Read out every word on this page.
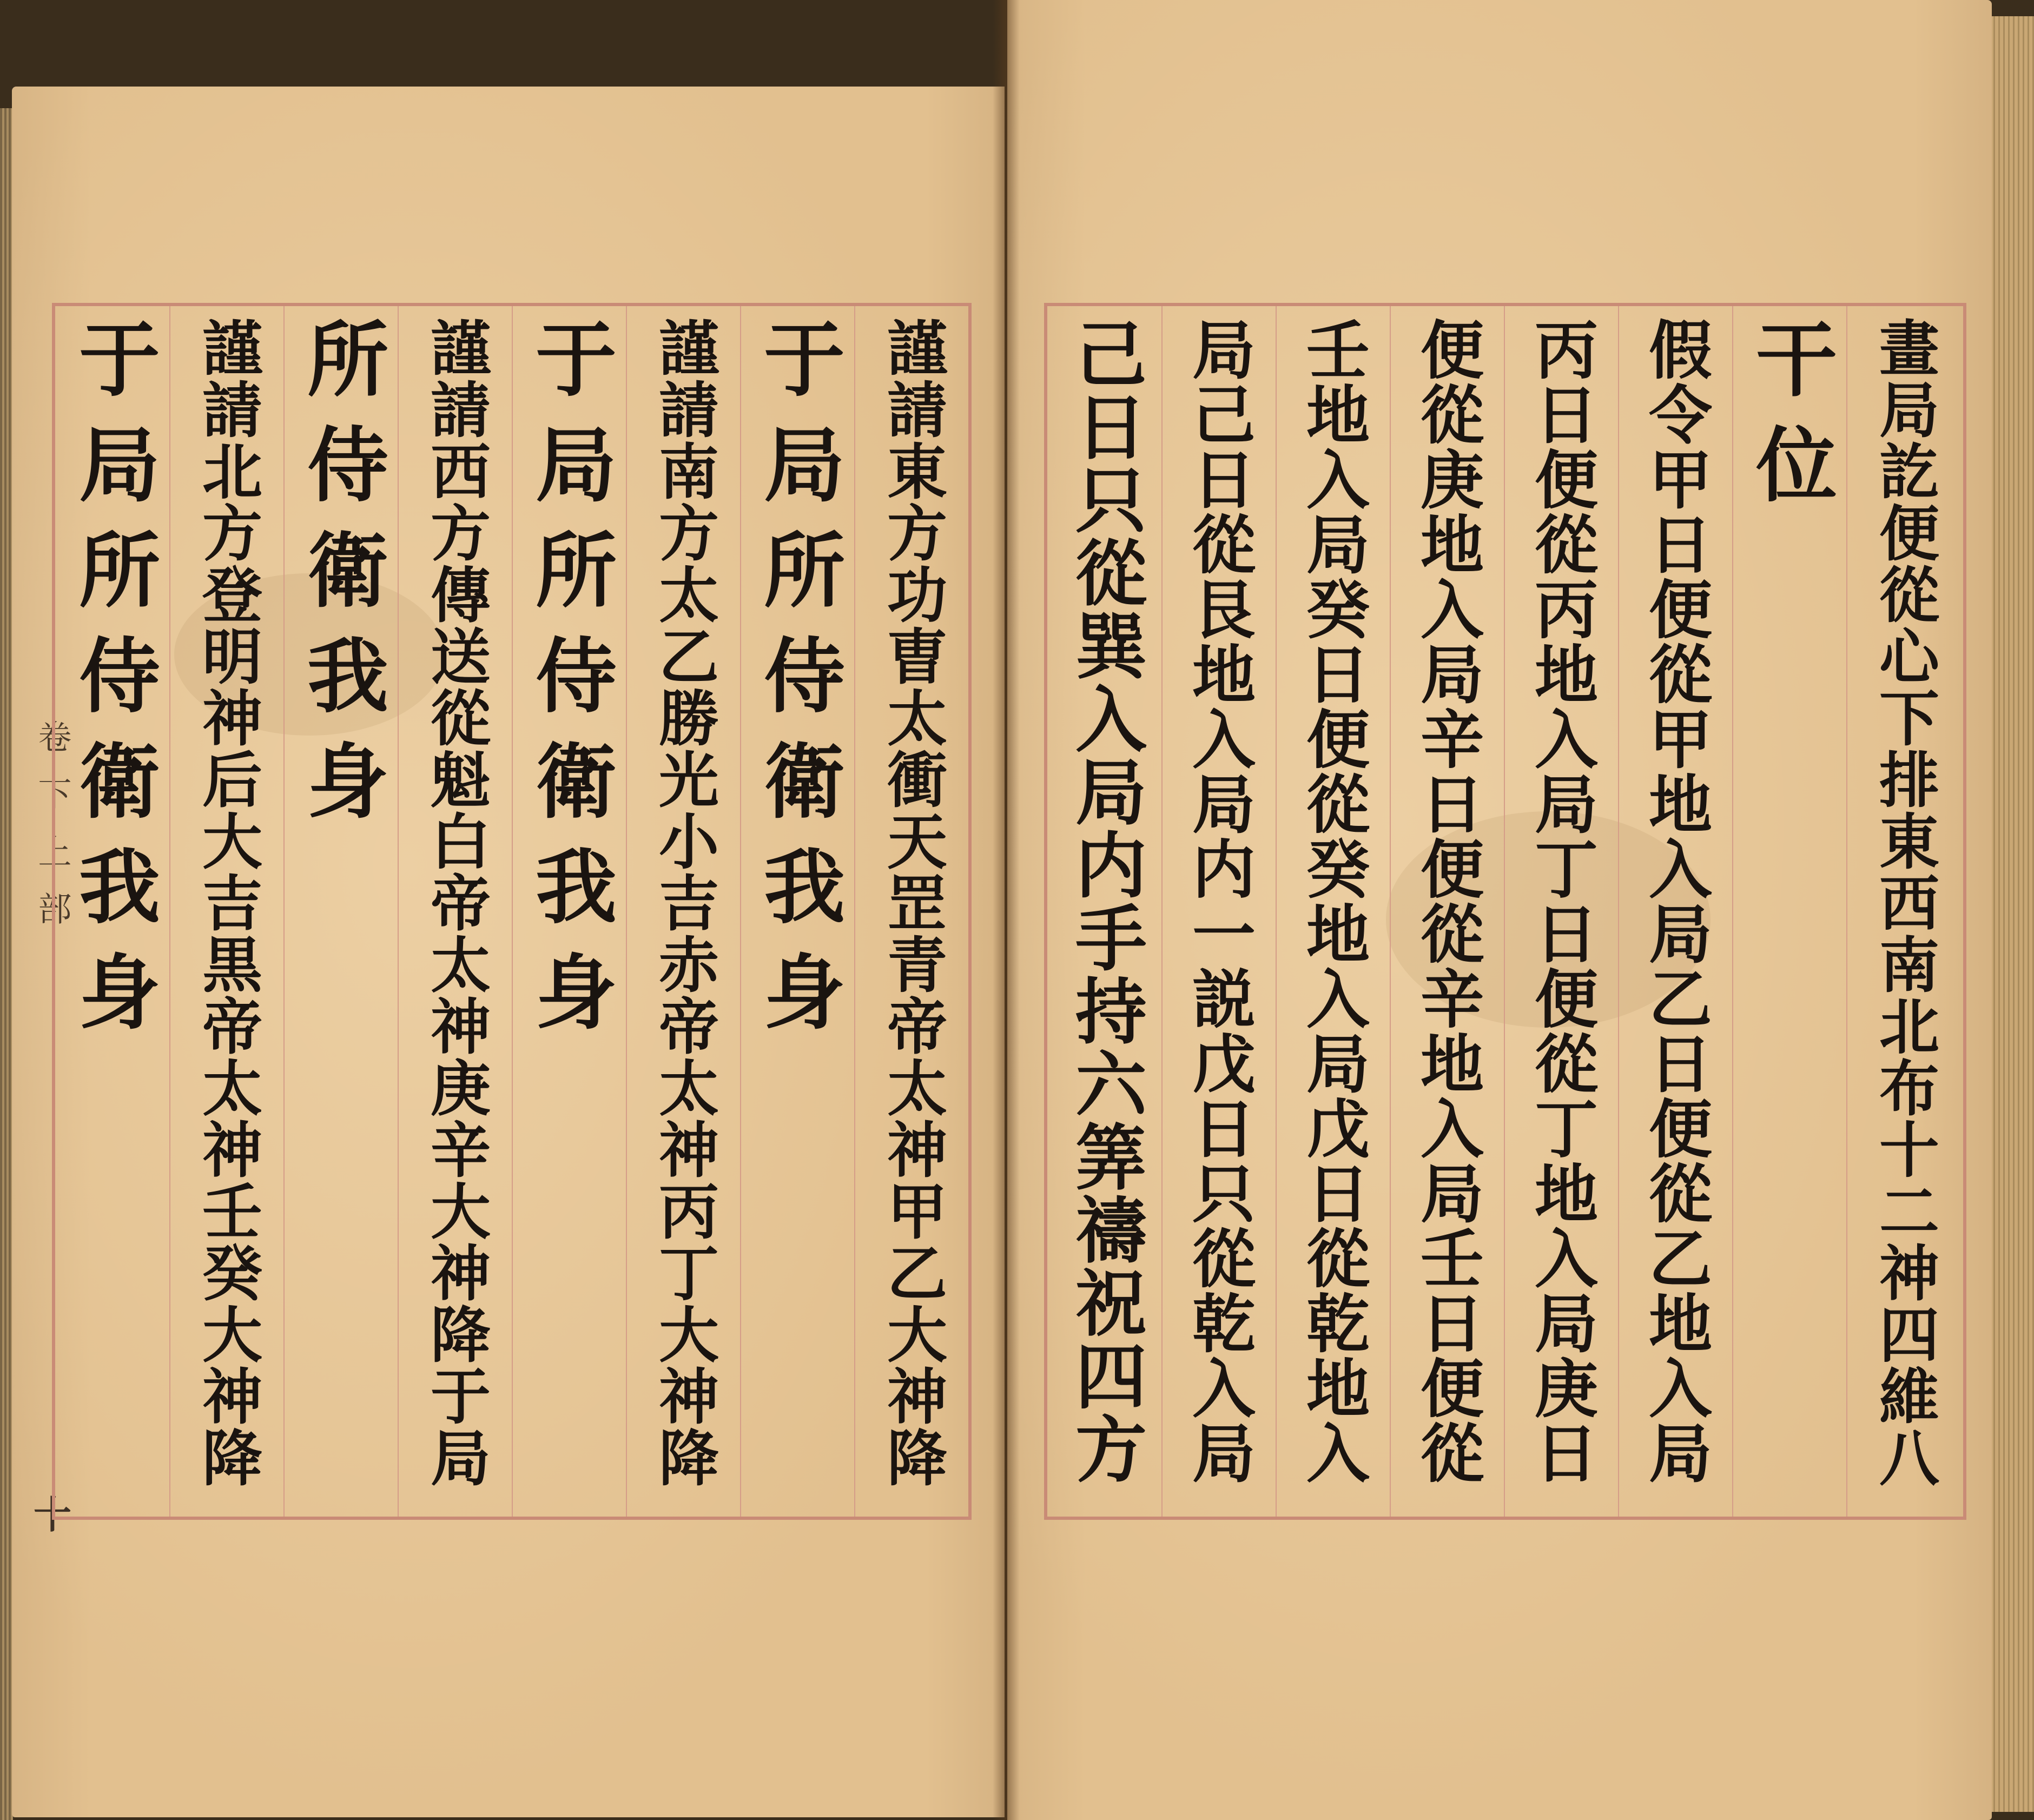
卷下上部
十
謹請東方功曺太衝天罡青帝太神甲乙大神降
于局所侍衛我身
謹請南方太乙勝光小吉赤帝太神丙丁大神降
于局所侍衛我身
謹請西方傳送從魁白帝太神庚辛大神降于局
所侍衛我身
謹請北方登明神后大吉黒帝太神壬癸大神降
于局所侍衛我身	畫局訖便從心下排東西南北布十二神四維八
干位
假令甲日便從甲地入局乙日便從乙地入局
丙日便從丙地入局丁日便從丁地入局庚日
便從庚地入局辛日便從辛地入局壬日便從
壬地入局癸日便從癸地入局戊日從乾地入
局己日從艮地入局内一説戊日只從乾入局
己日只從巽入局内手持六筭禱祝四方
